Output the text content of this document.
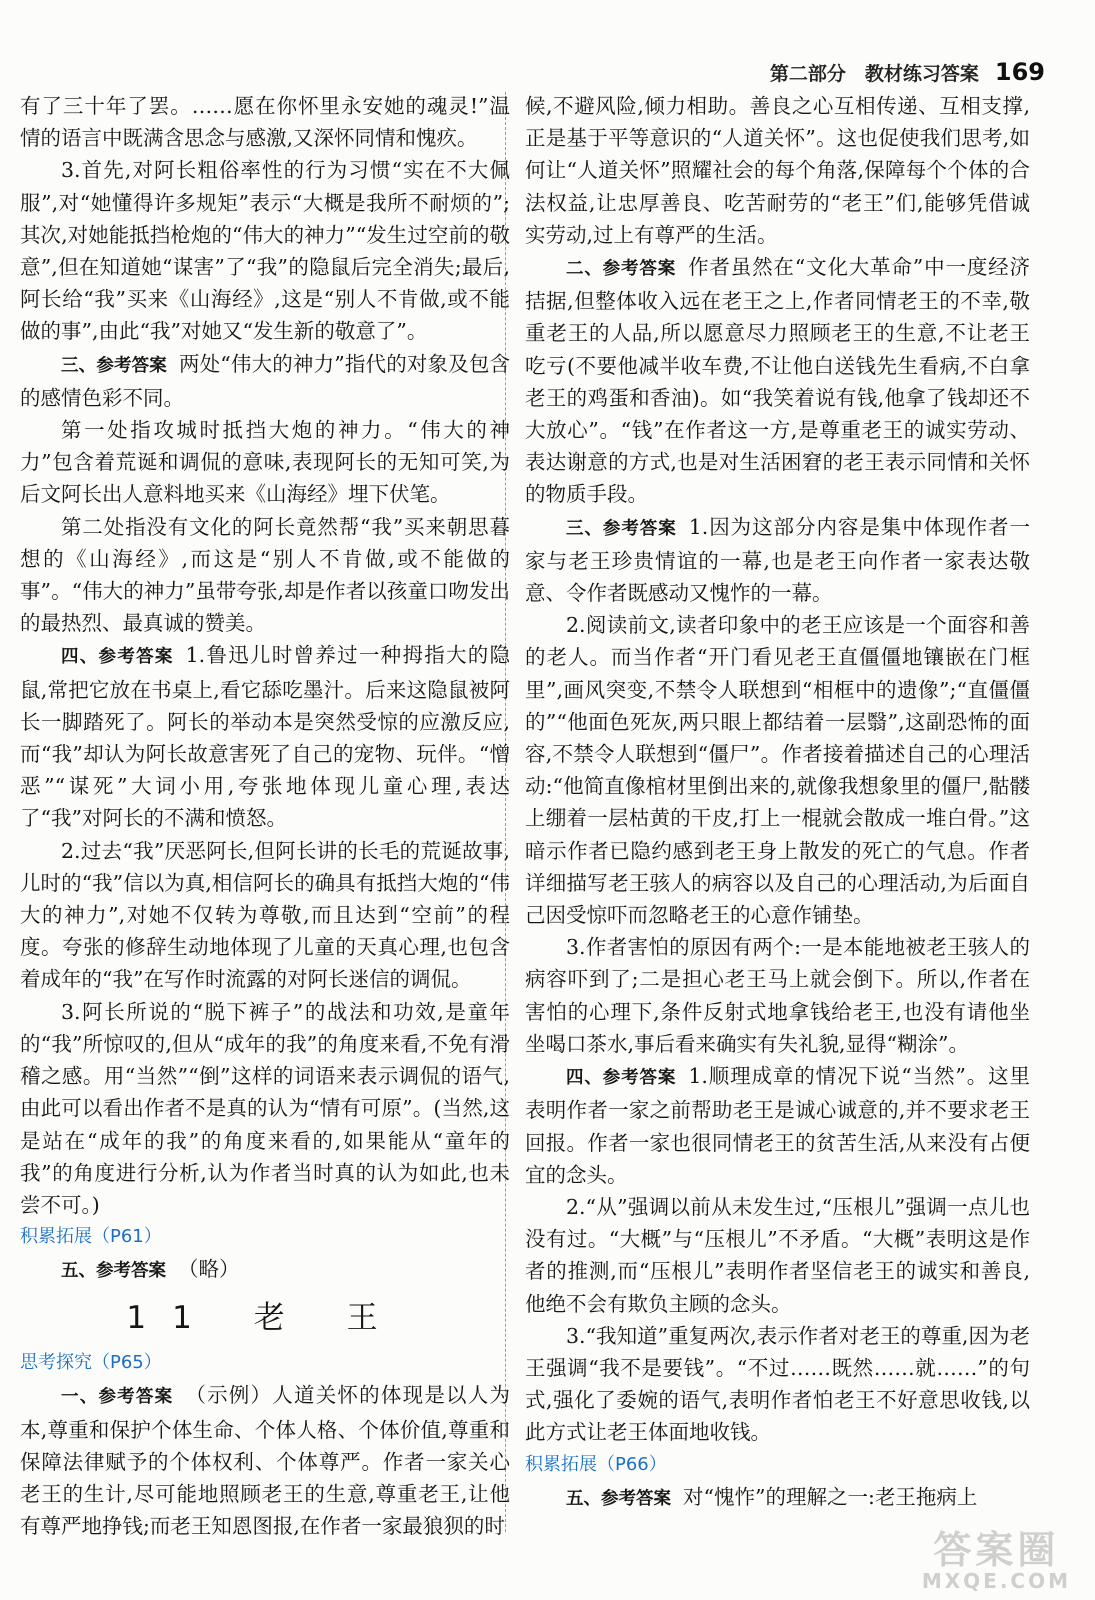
第二部分　教材练习答案 169

有了三十年了罢。……愿在你怀里永安她的魂灵!”温情的语言中既满含思念与感激,又深怀同情和愧疚。

3.首先,对阿长粗俗率性的行为习惯“实在不大佩服”,对“她懂得许多规矩”表示“大概是我所不耐烦的”;其次,对她能抵挡枪炮的“伟大的神力”“发生过空前的敬意”,但在知道她“谋害”了“我”的隐鼠后完全消失;最后,阿长给“我”买来《山海经》,这是“别人不肯做,或不能做的事”,由此“我”对她又“发生新的敬意了”。

三、参考答案 两处“伟大的神力”指代的对象及包含的感情色彩不同。

第一处指攻城时抵挡大炮的神力。“伟大的神力”包含着荒诞和调侃的意味,表现阿长的无知可笑,为后文阿长出人意料地买来《山海经》埋下伏笔。

第二处指没有文化的阿长竟然帮“我”买来朝思暮想的《山海经》,而这是“别人不肯做,或不能做的事”。“伟大的神力”虽带夸张,却是作者以孩童口吻发出的最热烈、最真诚的赞美。

四、参考答案 1.鲁迅儿时曾养过一种拇指大的隐鼠,常把它放在书桌上,看它舔吃墨汁。后来这隐鼠被阿长一脚踏死了。阿长的举动本是突然受惊的应激反应,而“我”却认为阿长故意害死了自己的宠物、玩伴。“憎恶”“谋死”大词小用,夸张地体现儿童心理,表达了“我”对阿长的不满和愤怒。

2.过去“我”厌恶阿长,但阿长讲的长毛的荒诞故事,儿时的“我”信以为真,相信阿长的确具有抵挡大炮的“伟大的神力”,对她不仅转为尊敬,而且达到“空前”的程度。夸张的修辞生动地体现了儿童的天真心理,也包含着成年的“我”在写作时流露的对阿长迷信的调侃。

3.阿长所说的“脱下裤子”的战法和功效,是童年的“我”所惊叹的,但从“成年的我”的角度来看,不免有滑稽之感。用“当然”“倒”这样的词语来表示调侃的语气,由此可以看出作者不是真的认为“情有可原”。(当然,这是站在“成年的我”的角度来看的,如果能从“童年的我”的角度进行分析,认为作者当时真的认为如此,也未尝不可。)

积累拓展（P61）

五、参考答案 （略）

11 老 王

思考探究（P65）

一、参考答案 （示例）人道关怀的体现是以人为本,尊重和保护个体生命、个体人格、个体价值,尊重和保障法律赋予的个体权利、个体尊严。作者一家关心老王的生计,尽可能地照顾老王的生意,尊重老王,让他有尊严地挣钱;而老王知恩图报,在作者一家最狼狈的时

候,不避风险,倾力相助。善良之心互相传递、互相支撑,正是基于平等意识的“人道关怀”。这也促使我们思考,如何让“人道关怀”照耀社会的每个角落,保障每个个体的合法权益,让忠厚善良、吃苦耐劳的“老王”们,能够凭借诚实劳动,过上有尊严的生活。

二、参考答案 作者虽然在“文化大革命”中一度经济拮据,但整体收入远在老王之上,作者同情老王的不幸,敬重老王的人品,所以愿意尽力照顾老王的生意,不让老王吃亏(不要他减半收车费,不让他白送钱先生看病,不白拿老王的鸡蛋和香油)。如“我笑着说有钱,他拿了钱却还不大放心”。“钱”在作者这一方,是尊重老王的诚实劳动、表达谢意的方式,也是对生活困窘的老王表示同情和关怀的物质手段。

三、参考答案 1.因为这部分内容是集中体现作者一家与老王珍贵情谊的一幕,也是老王向作者一家表达敬意、令作者既感动又愧怍的一幕。

2.阅读前文,读者印象中的老王应该是一个面容和善的老人。而当作者“开门看见老王直僵僵地镶嵌在门框里”,画风突变,不禁令人联想到“相框中的遗像”;“直僵僵的”“他面色死灰,两只眼上都结着一层翳”,这副恐怖的面容,不禁令人联想到“僵尸”。作者接着描述自己的心理活动:“他简直像棺材里倒出来的,就像我想象里的僵尸,骷髅上绷着一层枯黄的干皮,打上一棍就会散成一堆白骨。”这暗示作者已隐约感到老王身上散发的死亡的气息。作者详细描写老王骇人的病容以及自己的心理活动,为后面自己因受惊吓而忽略老王的心意作铺垫。

3.作者害怕的原因有两个:一是本能地被老王骇人的病容吓到了;二是担心老王马上就会倒下。所以,作者在害怕的心理下,条件反射式地拿钱给老王,也没有请他坐坐喝口茶水,事后看来确实有失礼貌,显得“糊涂”。

四、参考答案 1.顺理成章的情况下说“当然”。这里表明作者一家之前帮助老王是诚心诚意的,并不要求老王回报。作者一家也很同情老王的贫苦生活,从来没有占便宜的念头。

2.“从”强调以前从未发生过,“压根儿”强调一点儿也没有过。“大概”与“压根儿”不矛盾。“大概”表明这是作者的推测,而“压根儿”表明作者坚信老王的诚实和善良,他绝不会有欺负主顾的念头。

3.“我知道”重复两次,表示作者对老王的尊重,因为老王强调“我不是要钱”。“不过……既然……就……”的句式,强化了委婉的语气,表明作者怕老王不好意思收钱,以此方式让老王体面地收钱。

积累拓展（P66）

五、参考答案 对“愧怍”的理解之一:老王拖病上

答案圈
MXQE.COM
